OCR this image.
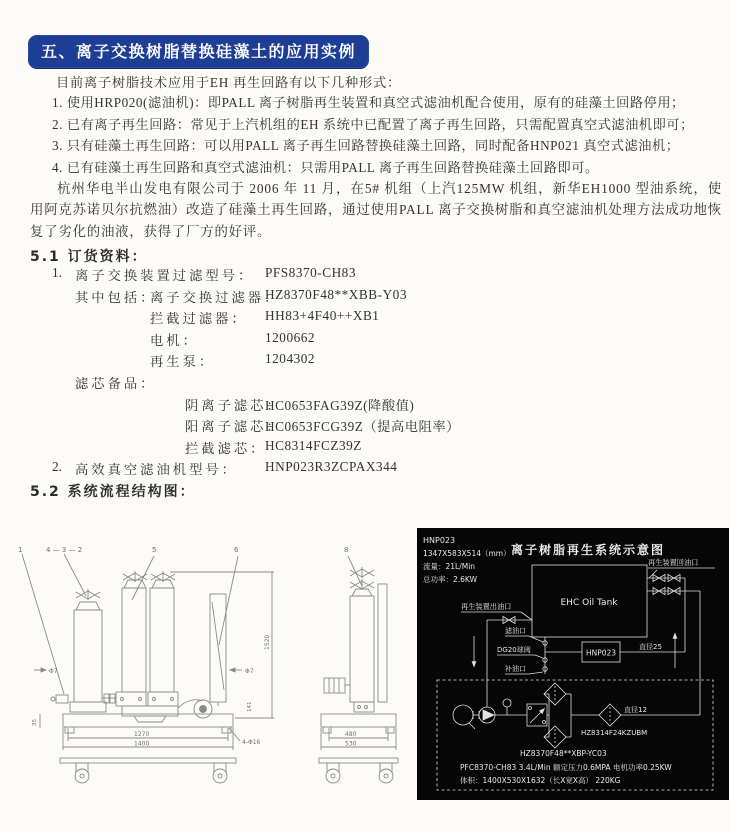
五、离子交换树脂替换硅藻土的应用实例
目前离子树脂技术应用于EH 再生回路有以下几种形式：
1. 使用HRP020(滤油机)：即PALL 离子树脂再生装置和真空式滤油机配合使用，原有的硅藻土回路停用；
2. 已有离子再生回路：常见于上汽机组的EH 系统中已配置了离子再生回路，只需配置真空式滤油机即可；
3. 只有硅藻土再生回路：可以用PALL 离子再生回路替换硅藻土回路，同时配备HNP021 真空式滤油机；
4. 已有硅藻土再生回路和真空式滤油机：只需用PALL 离子再生回路替换硅藻土回路即可。
杭州华电半山发电有限公司于 2006 年 11 月，在5# 机组（上汽125MW 机组，新华EH1000 型油系统，使用阿克苏诺贝尔抗燃油）改造了硅藻土再生回路，通过使用PALL 离子交换树脂和真空滤油机处理方法成功地恢复了劣化的油液，获得了厂方的好评。
5.1 订货资料：
1. 离子交换装置过滤型号： PFS8370-CH83
其中包括：
离子交换过滤器：
HZ8370F48**XBB-Y03
拦截过滤器： HH83+4F40++XB1
电机：	1200662
再生泵：	1204302
滤芯备品：
阴离子滤芯：
HC0653FAG39Z(降酸值)
阳离子滤芯：
HC0653FCG39Z（提高电阻率）
拦截滤芯：
HC8314FCZ39Z
2. 高效真空滤油机型号： HNP023R3ZCPAX344
5.2 系统流程结构图：
1	4 — 3 — 2	5	6	8
1270
1400
480
530
4-Φ16
1520
35
141
Φ7	Φ7
HNP023
1347X583X514（mm）
流量：21L/Min
总功率：2.6KW
离子树脂再生系统示意图
EHC Oil Tank
再生装置回油口
再生装置出油口
滤油口
DG20球阀
补油口
HNP023
直径25
直径12
HZ8314F24KZUBM
HZ8370F48**XBP-YC03
PFC8370-CH83 3.4L/Min 额定压力0.6MPA 电机功率0.25KW
体积：1400X530X1632（长X宽X高） 220KG
